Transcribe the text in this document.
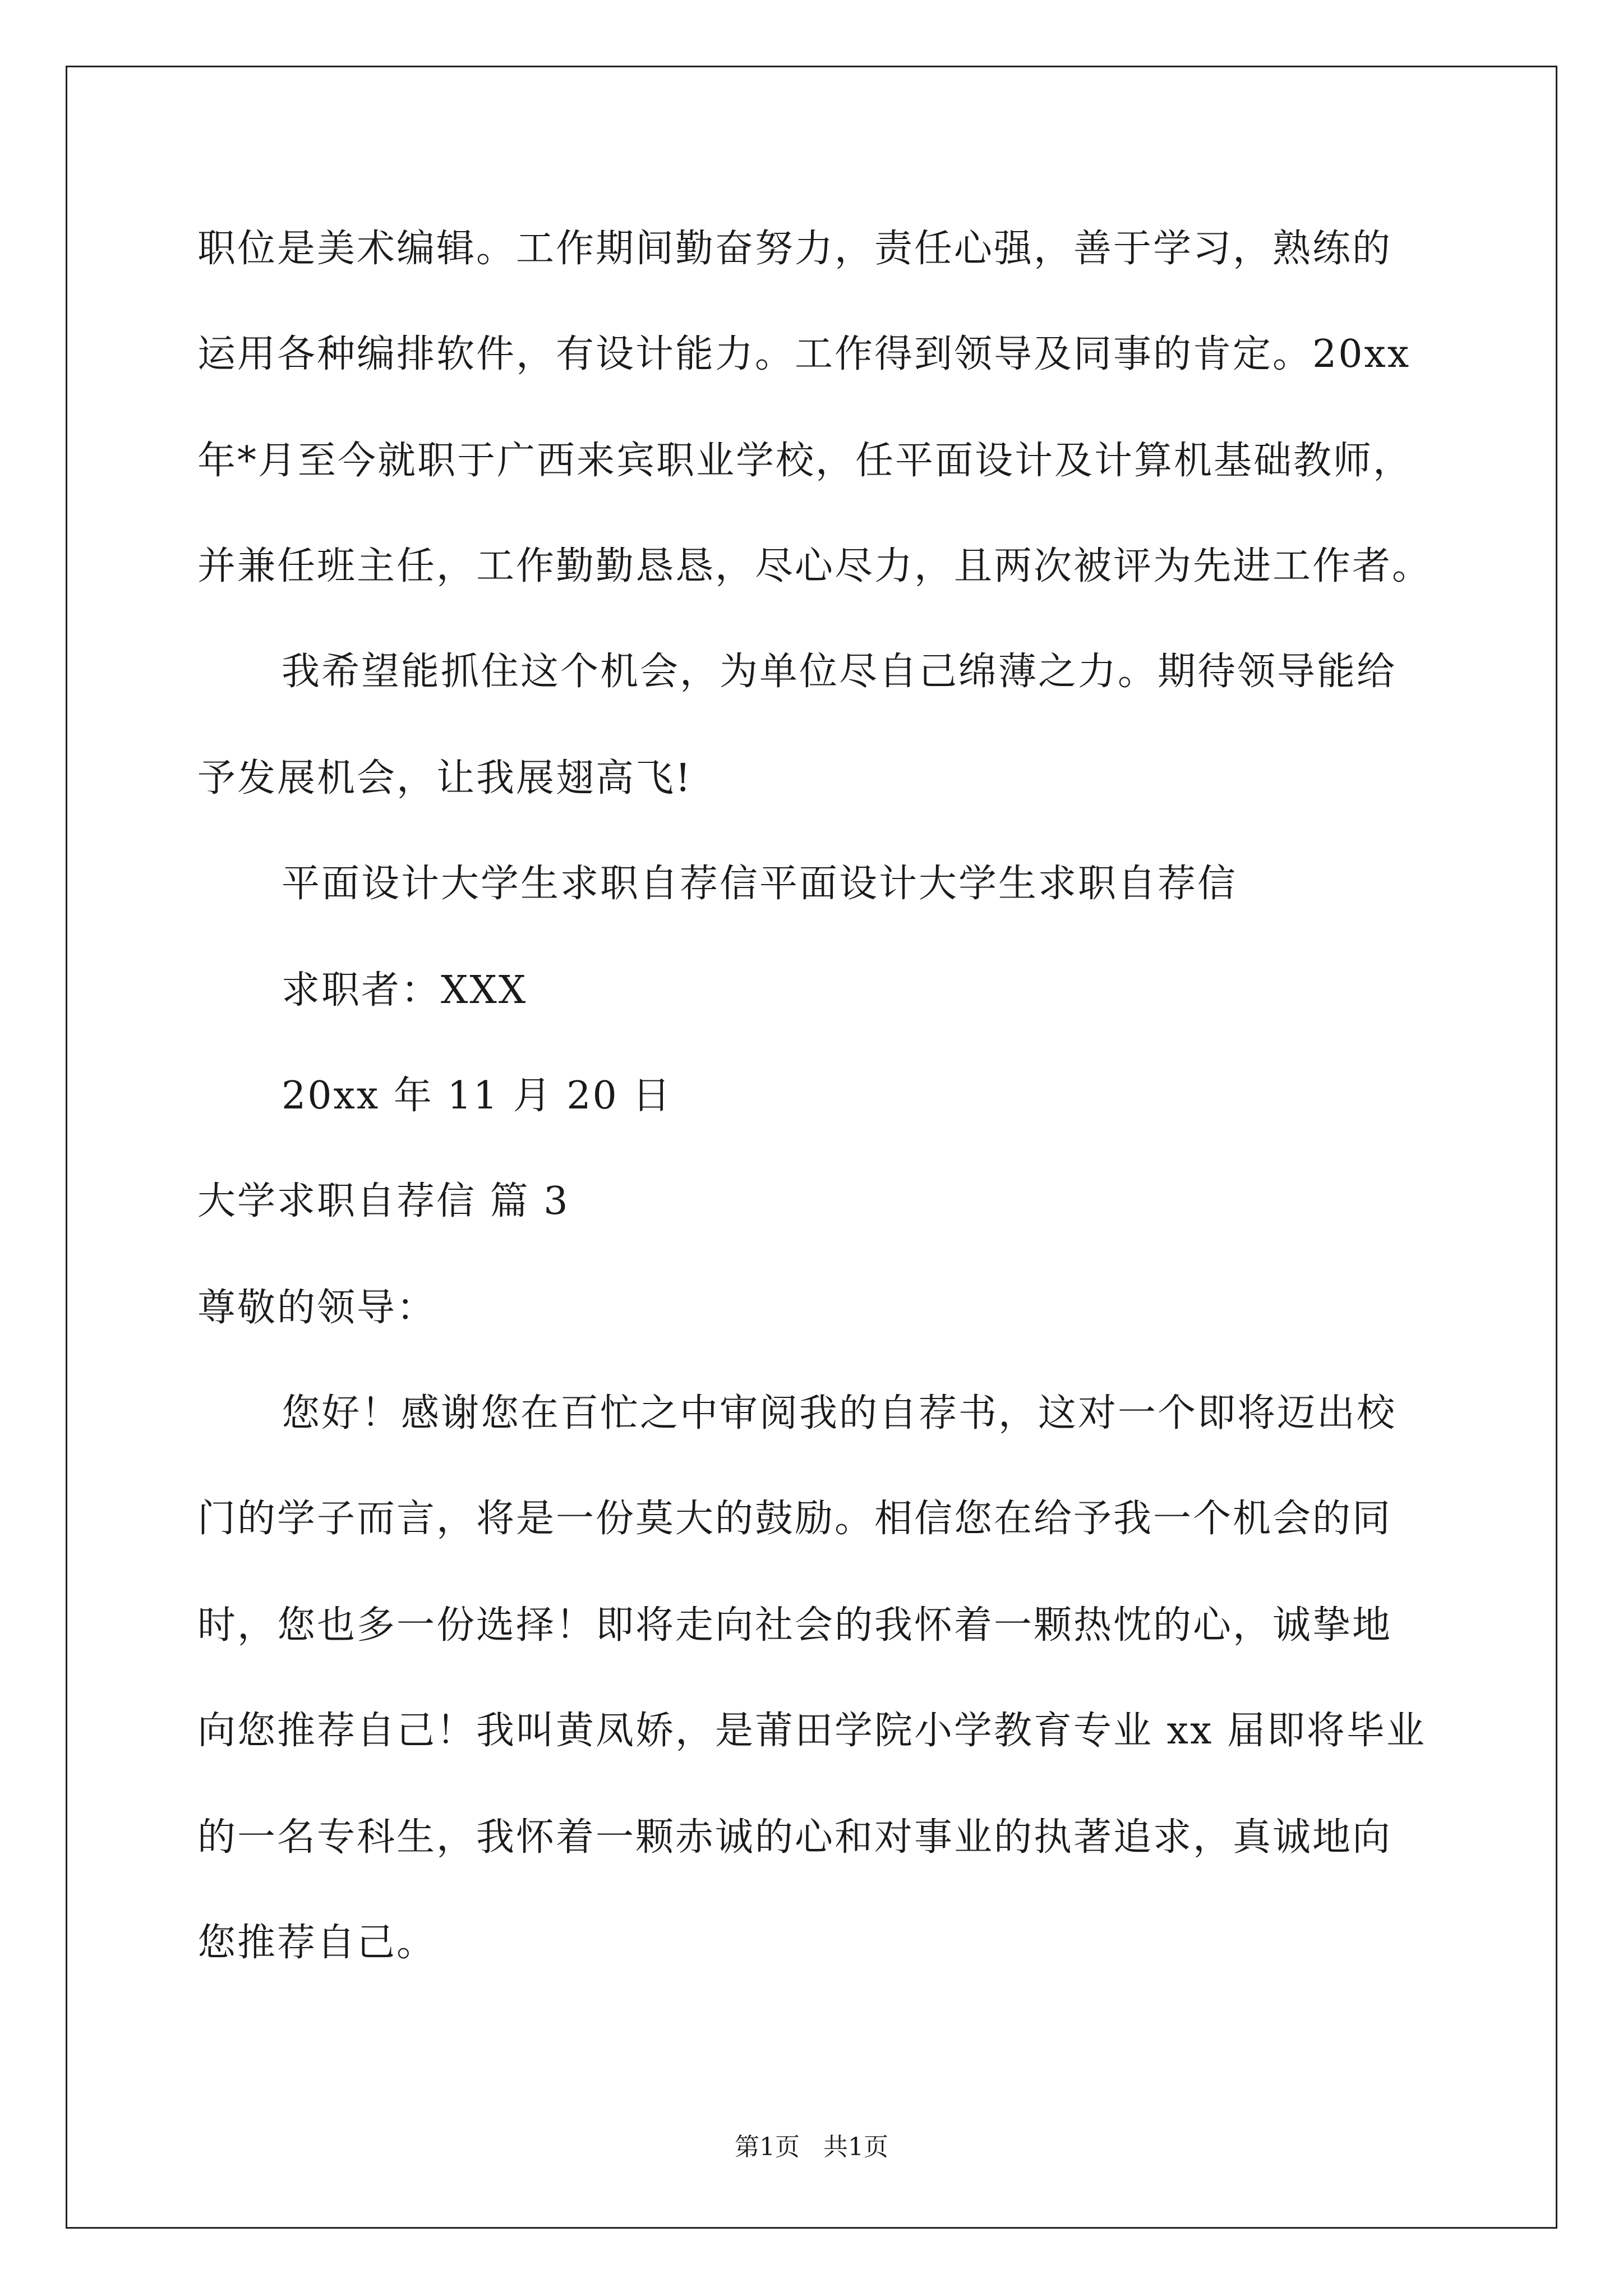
职位是美术编辑。工作期间勤奋努力，责任心强，善于学习，熟练的
运用各种编排软件，有设计能力。工作得到领导及同事的肯定。20xx
年*月至今就职于广西来宾职业学校，任平面设计及计算机基础教师，
并兼任班主任，工作勤勤恳恳，尽心尽力，且两次被评为先进工作者。
我希望能抓住这个机会，为单位尽自己绵薄之力。期待领导能给
予发展机会，让我展翅高飞!
平面设计大学生求职自荐信平面设计大学生求职自荐信
求职者：XXX
20xx 年 11 月 20 日
大学求职自荐信 篇 3
尊敬的领导：
您好！感谢您在百忙之中审阅我的自荐书，这对一个即将迈出校
门的学子而言，将是一份莫大的鼓励。相信您在给予我一个机会的同
时，您也多一份选择！即将走向社会的我怀着一颗热忱的心，诚挚地
向您推荐自己！我叫黄凤娇，是莆田学院小学教育专业 xx 届即将毕业
的一名专科生，我怀着一颗赤诚的心和对事业的执著追求，真诚地向
您推荐自己。
第1页   共1页
